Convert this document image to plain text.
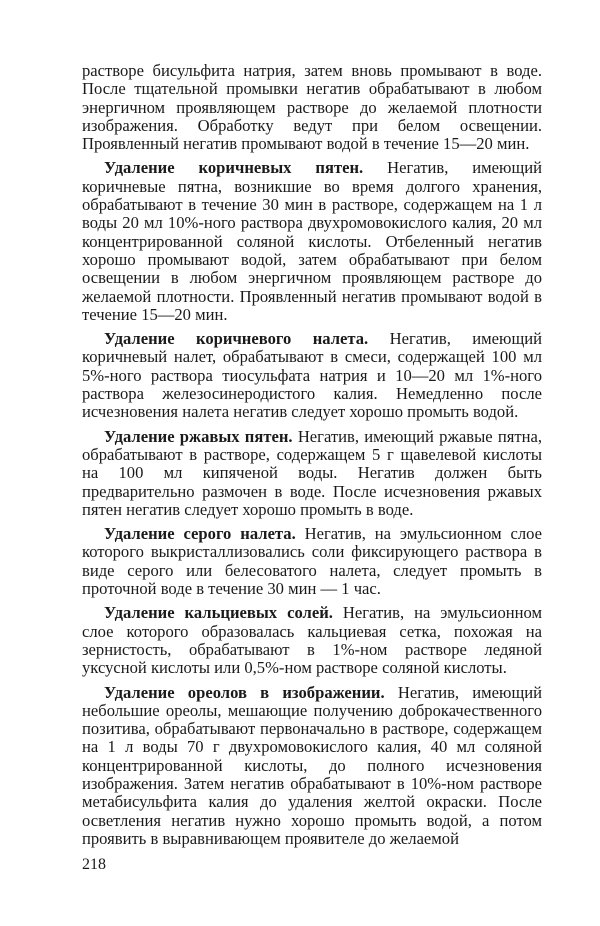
растворе бисульфита натрия, затем вновь промывают в воде. После тщательной промывки негатив обрабатывают в любом энергичном проявляющем растворе до желаемой плотности изображения. Обработку ведут при белом освещении. Проявленный негатив промывают водой в течение 15—20 мин.

Удаление коричневых пятен. Негатив, имеющий коричневые пятна, возникшие во время долгого хранения, обрабатывают в течение 30 мин в растворе, содержащем на 1 л воды 20 мл 10%-ного раствора двухромовокислого калия, 20 мл концентрированной соляной кислоты. Отбеленный негатив хорошо промывают водой, затем обрабатывают при белом освещении в любом энергичном проявляющем растворе до желаемой плотности. Проявленный негатив промывают водой в течение 15—20 мин.

Удаление коричневого налета. Негатив, имеющий коричневый налет, обрабатывают в смеси, содержащей 100 мл 5%-ного раствора тиосульфата натрия и 10—20 мл 1%-ного раствора железосинеродистого калия. Немедленно после исчезновения налета негатив следует хорошо промыть водой.

Удаление ржавых пятен. Негатив, имеющий ржавые пятна, обрабатывают в растворе, содержащем 5 г щавелевой кислоты на 100 мл кипяченой воды. Негатив должен быть предварительно размочен в воде. После исчезновения ржавых пятен негатив следует хорошо промыть в воде.

Удаление серого налета. Негатив, на эмульсионном слое которого выкристаллизовались соли фиксирующего раствора в виде серого или белесоватого налета, следует промыть в проточной воде в течение 30 мин — 1 час.

Удаление кальциевых солей. Негатив, на эмульсионном слое которого образовалась кальциевая сетка, похожая на зернистость, обрабатывают в 1%-ном растворе ледяной уксусной кислоты или 0,5%-ном растворе соляной кислоты.

Удаление ореолов в изображении. Негатив, имеющий небольшие ореолы, мешающие получению доброкачественного позитива, обрабатывают первоначально в растворе, содержащем на 1 л воды 70 г двухромовокислого калия, 40 мл соляной концентрированной кислоты, до полного исчезновения изображения. Затем негатив обрабатывают в 10%-ном растворе метабисульфита калия до удаления желтой окраски. После осветления негатив нужно хорошо промыть водой, а потом проявить в выравнивающем проявителе до желаемой

218
